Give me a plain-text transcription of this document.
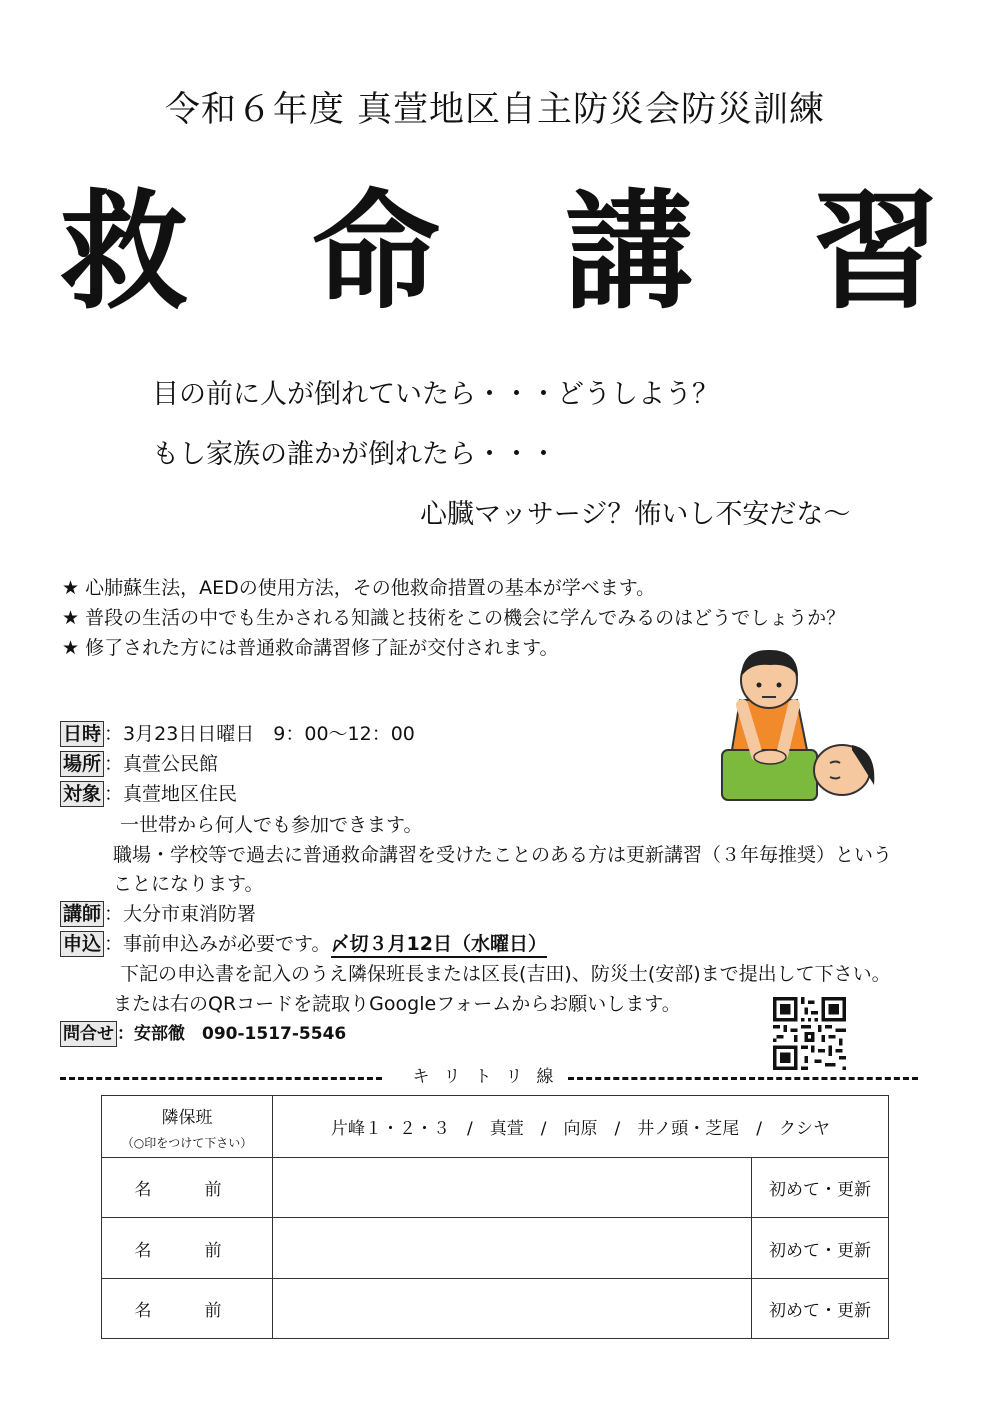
令和６年度 真萱地区自主防災会防災訓練
救 命 講 習
目の前に人が倒れていたら・・・どうしよう？
もし家族の誰かが倒れたら・・・
心臓マッサージ？怖いし不安だな～
★ 心肺蘇生法，AEDの使用方法，その他救命措置の基本が学べます。
★ 普段の生活の中でも生かされる知識と技術をこの機会に学んでみるのはどうでしょうか？
★ 修了された方には普通救命講習修了証が交付されます。
日時 ：3月23日日曜日　9：00～12：00
場所 ：真萱公民館
対象 ：真萱地区住民
一世帯から何人でも参加できます。
職場・学校等で過去に普通救命講習を受けたことのある方は更新講習（３年毎推奨）という
ことになります。
講師 ：大分市東消防署
申込 ：事前申込みが必要です。〆切３月12日（水曜日）
下記の申込書を記入のうえ隣保班長または区長(吉田)、防災士(安部)まで提出して下さい。
または右のQRコードを読取りGoogleフォームからお願いします。
問合せ ：安部徹　090-1517-5546
キリトリ線
隣保班
（○印をつけて下さい）	片峰１・２・３　/　真萱　/　向原　/　井ノ頭・芝尾　/　クシヤ	
名　前		初めて・更新
名　前		初めて・更新
名　前		初めて・更新
